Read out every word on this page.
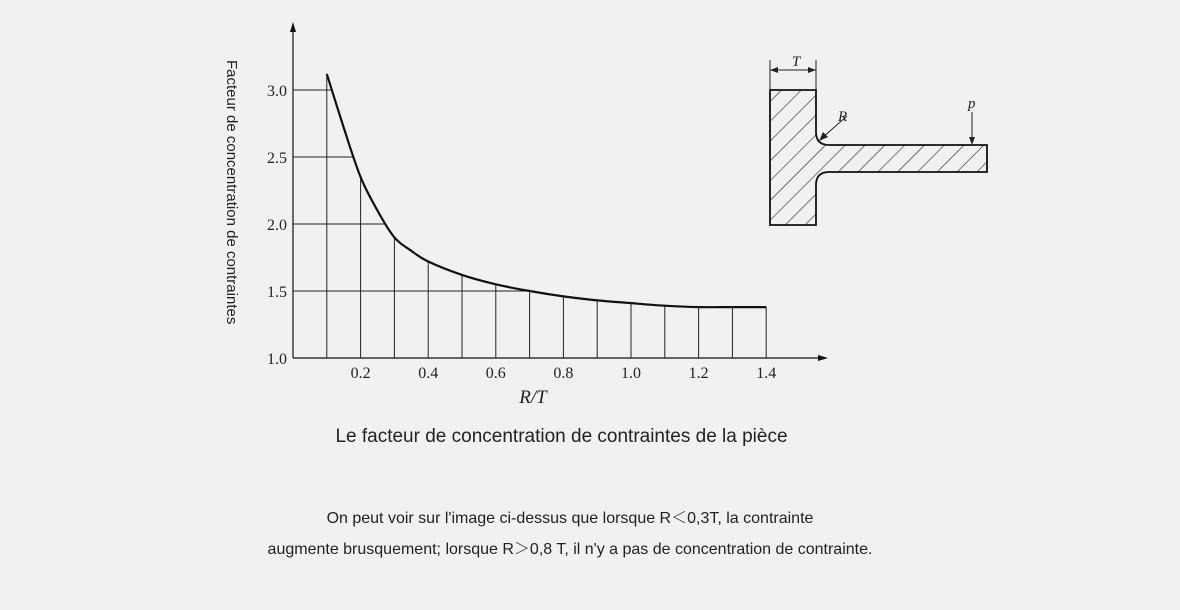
1.0
1.5
2.0
2.5
3.0
0.2	0.4	0.6	0.8	1.0	1.2	1.4
Facteur de concentration de contraintes
R/T
T
R
p
Le facteur de concentration de contraintes de la pièce
On peut voir sur l'image ci-dessus que lorsque R＜0,3T, la contrainte
augmente brusquement; lorsque R＞0,8 T, il n'y a pas de concentration de contrainte.
